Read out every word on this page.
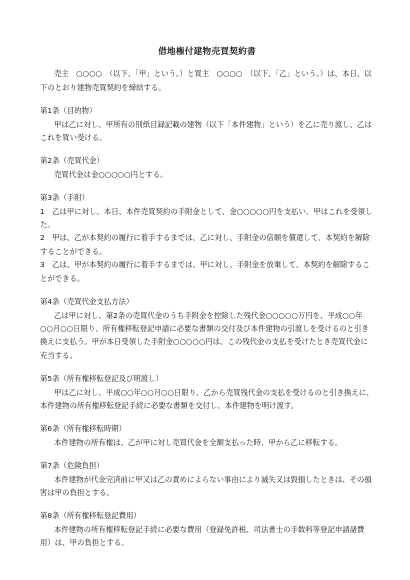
借地権付建物売買契約書

売主　○○○○　（以下、「甲」という。）と買主　○○○○　（以下、「乙」という。）は、本日、以下のとおり建物売買契約を締結する。

第1条（目的物）

甲は乙に対し、甲所有の別紙目録記載の建物（以下「本件建物」という）を乙に売り渡し、乙はこれを買い受ける。

第2条（売買代金）

売買代金は金○○○○○円とする。

第3条（手附）

1　乙は甲に対し、本日、本件売買契約の手附金として、金○○○○○円を支払い、甲はこれを受領した。

2　甲は、乙が本契約の履行に着手するまでは、乙に対し、手附金の倍額を償還して、本契約を解除することができる。

3　乙は、甲が本契約の履行に着手するまでは、甲に対し、手附金を放棄して、本契約を解除することができる。

第4条（売買代金支払方法）

乙は甲に対し、第2条の売買代金のうち手附金を控除した残代金○○○○○万円を、平成○○年○○月○○日限り、所有権移転登記申請に必要な書類の交付及び本件建物の引渡しを受けるのと引き換えに支払う。甲が本日受領した手附金○○○○○円は、この残代金の支払を受けたとき売買代金に充当する。

第5条（所有権移転登記及び明渡し）

甲は乙に対し、平成○○年○○月○○日限り、乙から売買残代金の支払を受けるのと引き換えに、本件建物の所有権移転登記手続に必要な書類を交付し、本件建物を明け渡す。

第6条（所有権移転時期）

本件建物の所有権は、乙が甲に対し売買代金を全額支払った時、甲から乙に移転する。

第7条（危険負担）

本件建物が代金完済前に甲又は乙の責めによらない事由により滅失又は毀損したときは、その損害は甲の負担とする。

第8条（所有権移転登記費用）

本件建物の所有権移転登記手続に必要な費用（登録免許税、司法書士の手数料等登記申請諸費用）は、甲の負担とする。
